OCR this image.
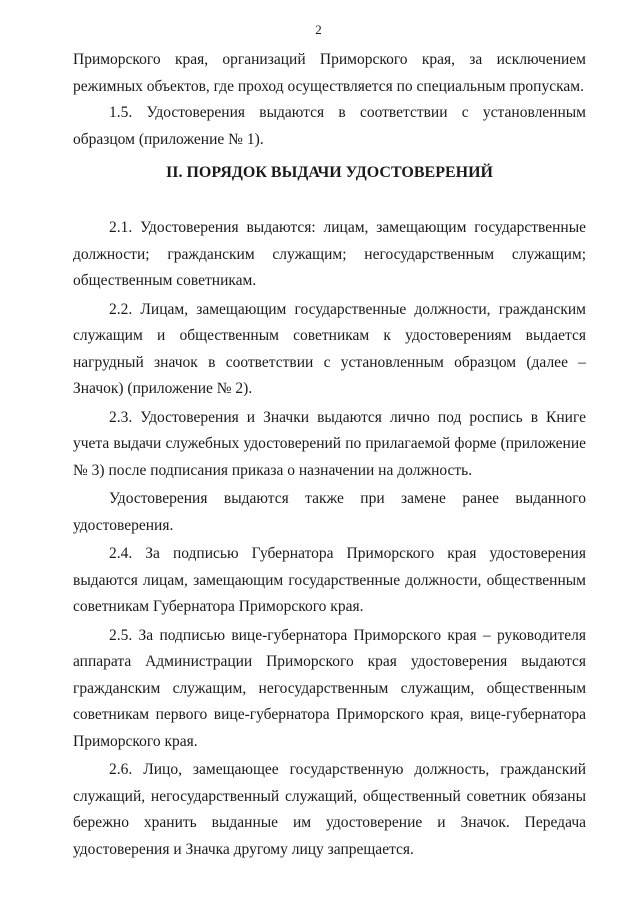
2

Приморского края, организаций Приморского края, за исключением режимных объектов, где проход осуществляется по специальным пропускам.

1.5. Удостоверения выдаются в соответствии с установленным образцом (приложение № 1).

II. ПОРЯДОК ВЫДАЧИ УДОСТОВЕРЕНИЙ

2.1. Удостоверения выдаются: лицам, замещающим государственные должности; гражданским служащим; негосударственным служащим; общественным советникам.

2.2. Лицам, замещающим государственные должности, гражданским служащим и общественным советникам к удостоверениям выдается нагрудный значок в соответствии с установленным образцом (далее – Значок) (приложение № 2).

2.3. Удостоверения и Значки выдаются лично под роспись в Книге учета выдачи служебных удостоверений по прилагаемой форме (приложение № 3) после подписания приказа о назначении на должность.

Удостоверения выдаются также при замене ранее выданного удостоверения.

2.4. За подписью Губернатора Приморского края удостоверения выдаются лицам, замещающим государственные должности, общественным советникам Губернатора Приморского края.

2.5. За подписью вице-губернатора Приморского края – руководителя аппарата Администрации Приморского края удостоверения выдаются гражданским служащим, негосударственным служащим, общественным советникам первого вице-губернатора Приморского края, вице-губернатора Приморского края.

2.6. Лицо, замещающее государственную должность, гражданский служащий, негосударственный служащий, общественный советник обязаны бережно хранить выданные им удостоверение и Значок. Передача удостоверения и Значка другому лицу запрещается.
